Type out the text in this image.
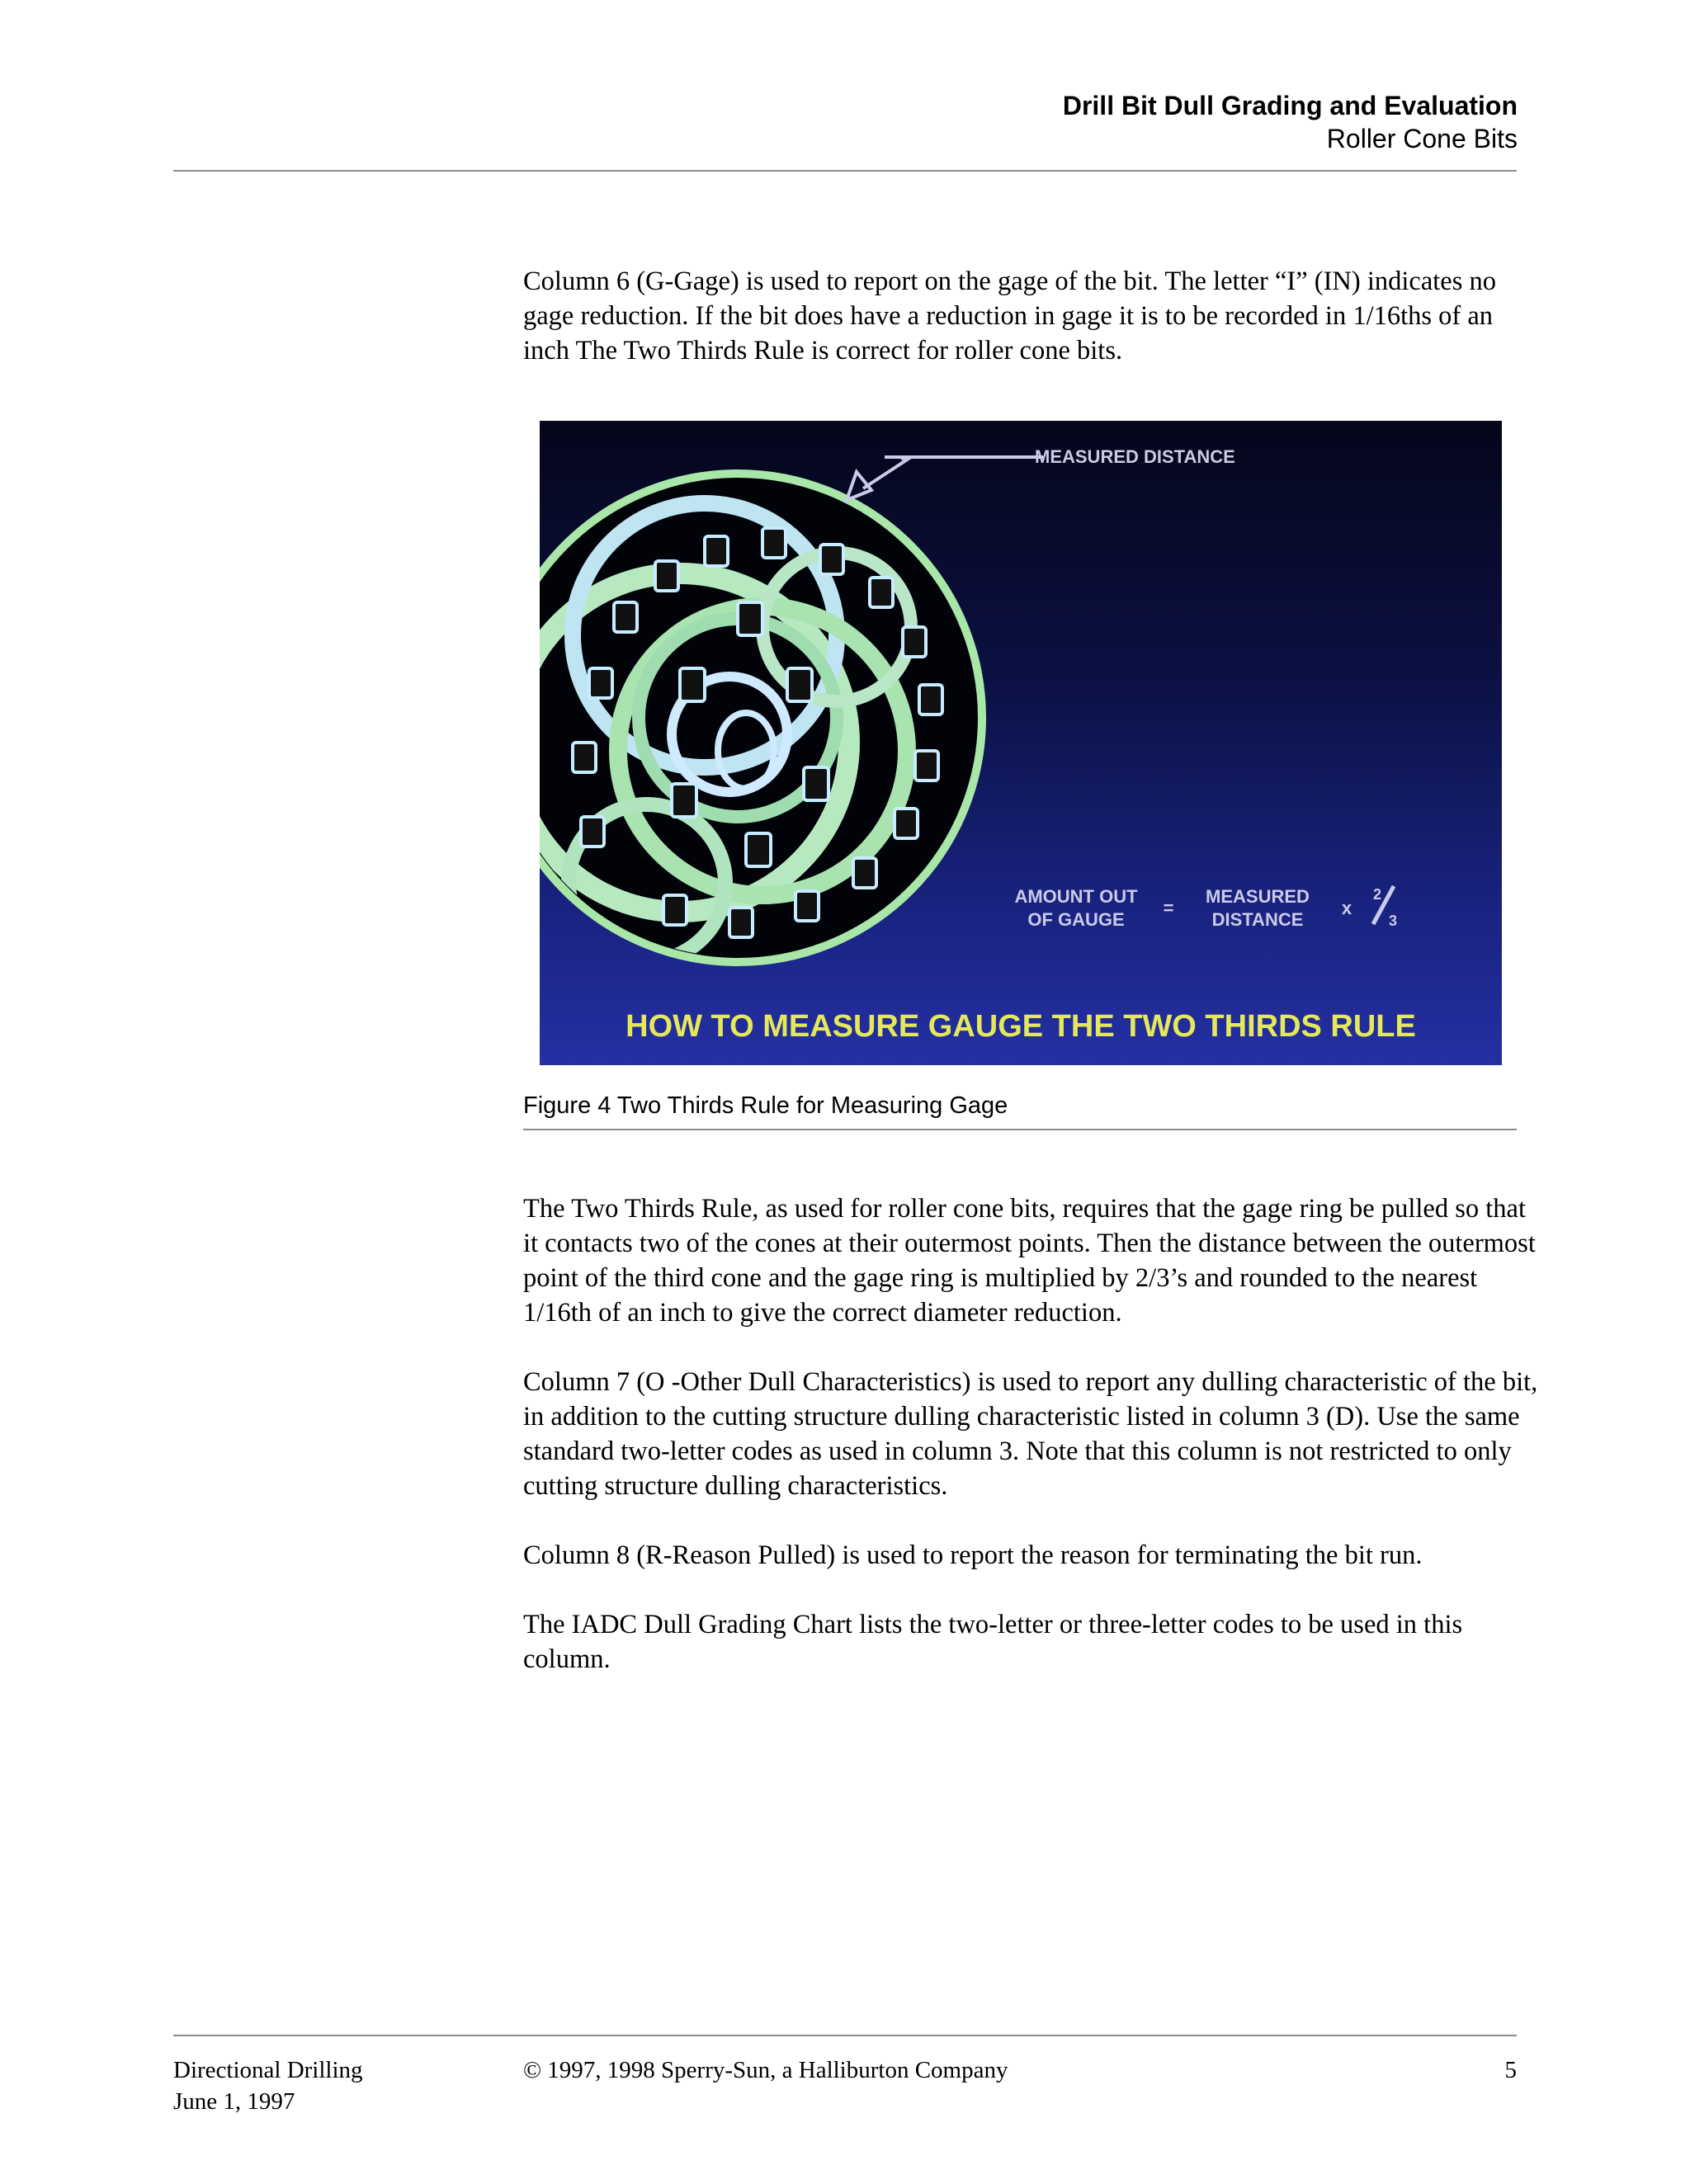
Drill Bit Dull Grading and Evaluation
Roller Cone Bits

Column 6 (G-Gage) is used to report on the gage of the bit. The letter “I” (IN) indicates no gage reduction. If the bit does have a reduction in gage it is to be recorded in 1/16ths of an inch The Two Thirds Rule is correct for roller cone bits.

MEASURED DISTANCE
AMOUNT OUT
OF GAUGE
=
MEASURED
DISTANCE
x
2
3
HOW TO MEASURE GAUGE THE TWO THIRDS RULE
Figure 4 Two Thirds Rule for Measuring Gage

The Two Thirds Rule, as used for roller cone bits, requires that the gage ring be pulled so that it contacts two of the cones at their outermost points. Then the distance between the outermost point of the third cone and the gage ring is multiplied by 2/3’s and rounded to the nearest 1/16th of an inch to give the correct diameter reduction.

Column 7 (O -Other Dull Characteristics) is used to report any dulling characteristic of the bit, in addition to the cutting structure dulling characteristic listed in column 3 (D). Use the same standard two-letter codes as used in column 3. Note that this column is not restricted to only cutting structure dulling characteristics.

Column 8 (R-Reason Pulled) is used to report the reason for terminating the bit run.

The IADC Dull Grading Chart lists the two-letter or three-letter codes to be used in this column.

Directional Drilling
June 1, 1997
© 1997, 1998 Sperry-Sun, a Halliburton Company	5
